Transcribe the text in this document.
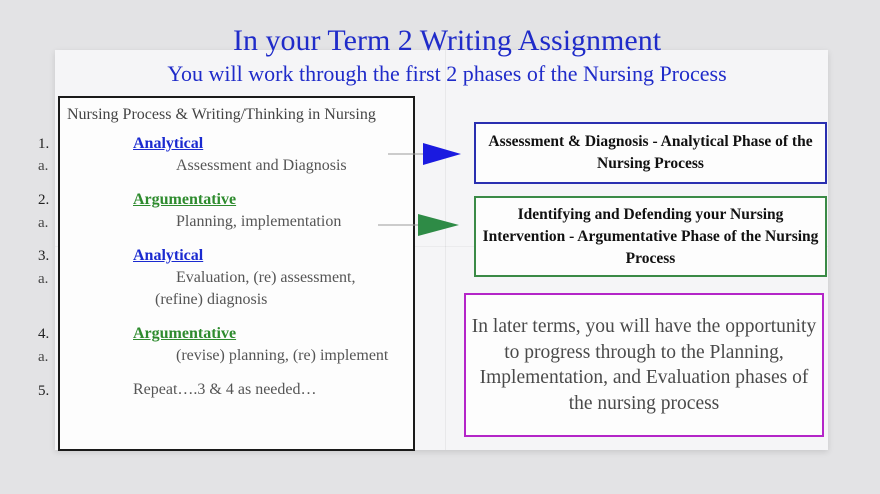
In your Term 2 Writing Assignment
You will work through the first 2 phases of the Nursing Process
Nursing Process & Writing/Thinking in Nursing
1.	Analytical
a.	Assessment and Diagnosis
2.	Argumentative
a.	Planning, implementation
3.	Analytical
a.	Evaluation, (re) assessment,
(refine) diagnosis
4.	Argumentative
a.	(revise) planning, (re) implement
5.	Repeat….3 & 4 as needed…
Assessment & Diagnosis - Analytical Phase of the Nursing Process
Identifying and Defending your Nursing Intervention - Argumentative Phase of the Nursing Process
In later terms, you will have the opportunity to progress through to the Planning, Implementation, and Evaluation phases of the nursing process
